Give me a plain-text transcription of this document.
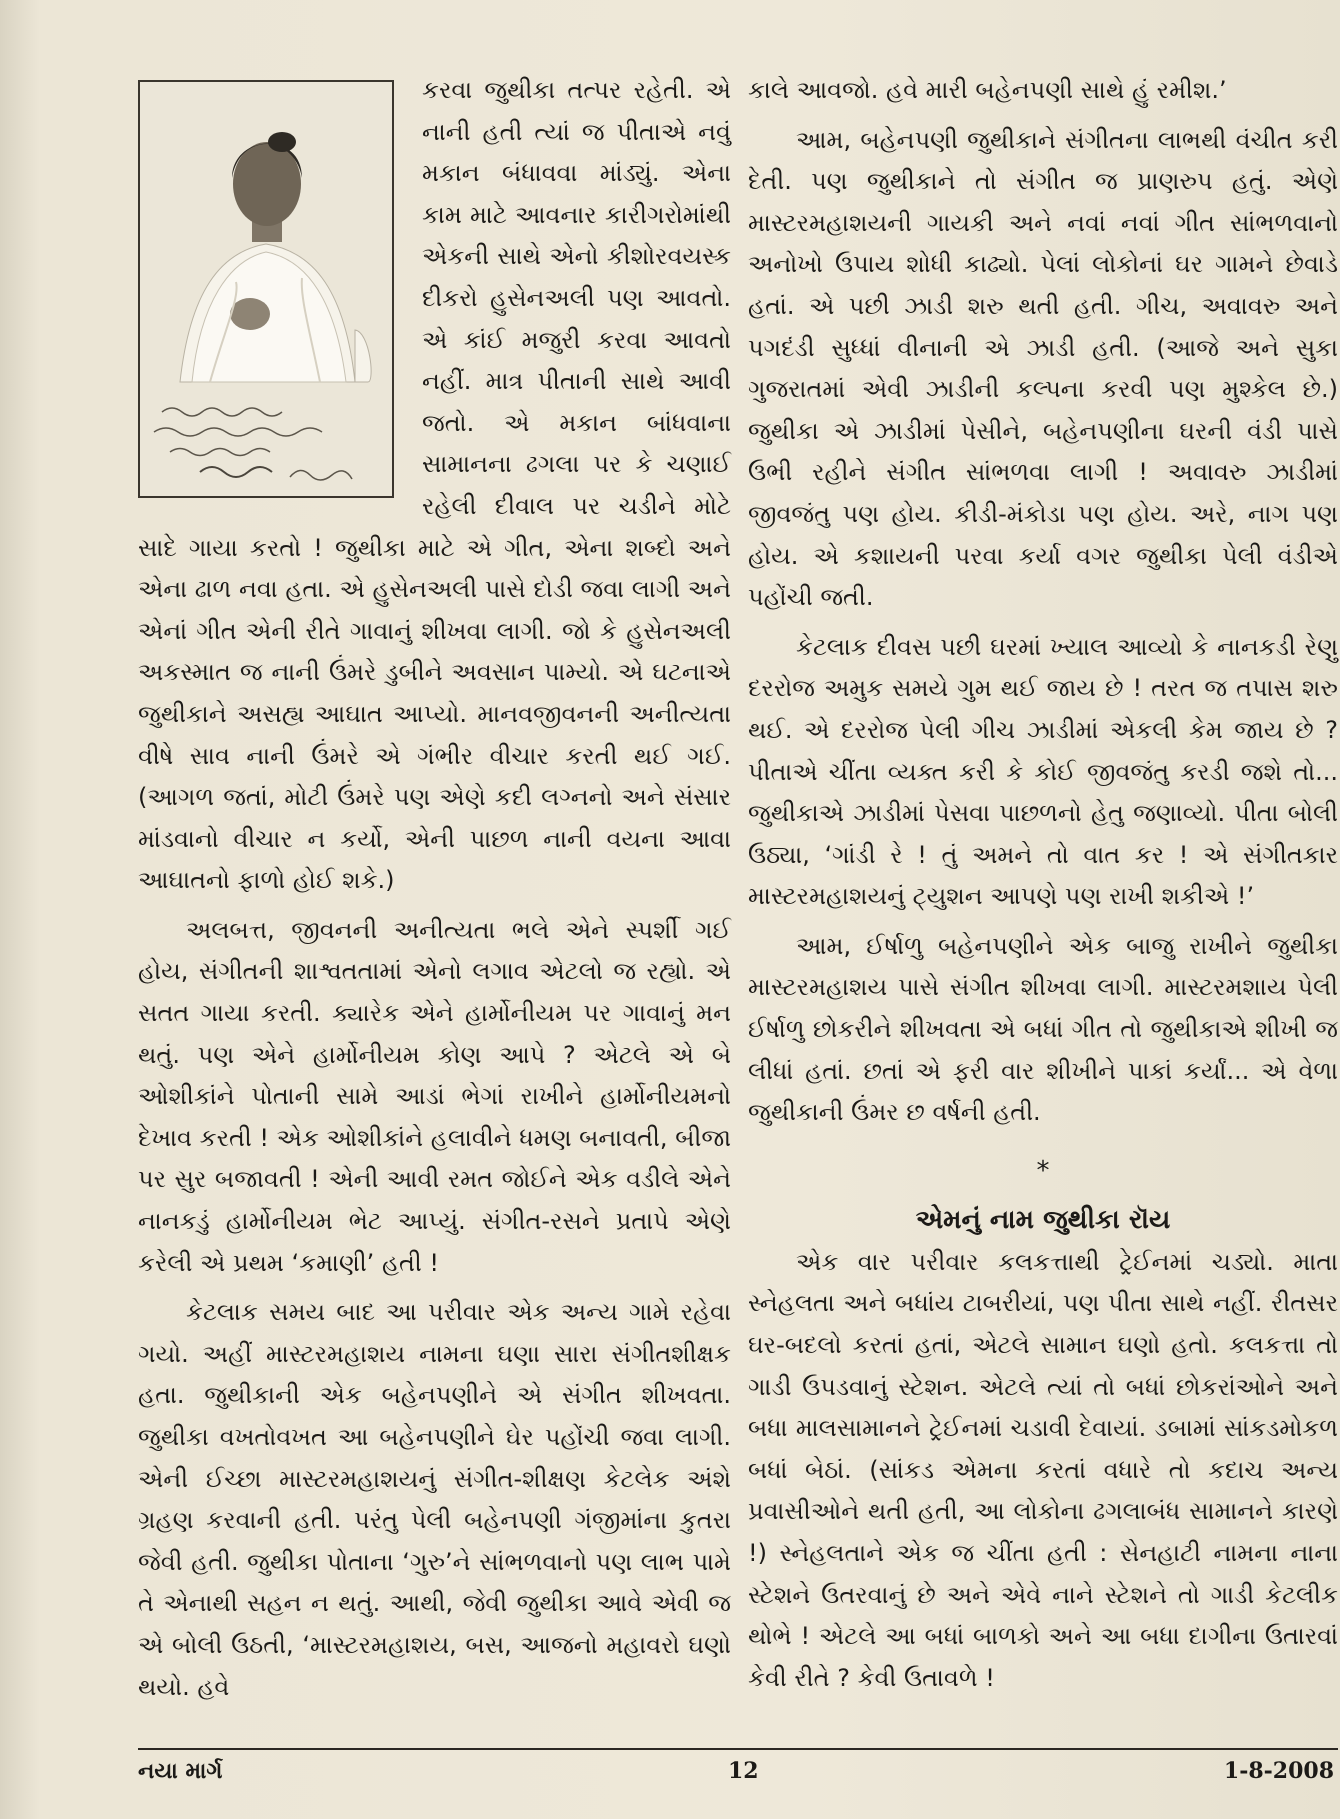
કરવા જુથીકા તત્પર રહેતી. એ નાની હતી ત્યાં જ પીતાએ નવું મકાન બંધાવવા માંડ્યું. એના કામ માટે આવનાર કારીગરોમાંથી એકની સાથે એનો કીશોરવયસ્ક દીકરો હુસેનઅલી પણ આવતો. એ કાંઈ મજુરી કરવા આવતો નહીં. માત્ર પીતાની સાથે આવી જતો. એ મકાન બાંધવાના સામાનના ઢગલા પર કે ચણાઈ રહેલી દીવાલ પર ચડીને મોટે સાદે ગાયા કરતો ! જુથીકા માટે એ ગીત, એના શબ્દો અને એના ઢાળ નવા હતા. એ હુસેનઅલી પાસે દોડી જવા લાગી અને એનાં ગીત એની રીતે ગાવાનું શીખવા લાગી. જો કે હુસેનઅલી અકસ્માત જ નાની ઉંમરે ડુબીને અવસાન પામ્યો. એ ઘટનાએ જુથીકાને અસહ્ય આઘાત આપ્યો. માનવજીવનની અનીત્યતા વીષે સાવ નાની ઉંમરે એ ગંભીર વીચાર કરતી થઈ ગઈ. (આગળ જતાં, મોટી ઉંમરે પણ એણે કદી લગ્નનો અને સંસાર માંડવાનો વીચાર ન કર્યો, એની પાછળ નાની વયના આવા આઘાતનો ફાળો હોઈ શકે.)

અલબત્ત, જીવનની અનીત્યતા ભલે એને સ્પર્શી ગઈ હોય, સંગીતની શાશ્વતતામાં એનો લગાવ એટલો જ રહ્યો. એ સતત ગાયા કરતી. ક્યારેક એને હાર્મોનીયમ પર ગાવાનું મન થતું. પણ એને હાર્મોનીયમ કોણ આપે ? એટલે એ બે ઓશીકાંને પોતાની સામે આડાં ભેગાં રાખીને હાર્મોનીયમનો દેખાવ કરતી ! એક ઓશીકાંને હલાવીને ધમણ બનાવતી, બીજા પર સુર બજાવતી ! એની આવી રમત જોઈને એક વડીલે એને નાનકડું હાર્મોનીયમ ભેટ આપ્યું. સંગીત-રસને પ્રતાપે એણે કરેલી એ પ્રથમ ‘કમાણી’ હતી !

કેટલાક સમય બાદ આ પરીવાર એક અન્ય ગામે રહેવા ગયો. અહીં માસ્ટરમહાશય નામના ઘણા સારા સંગીતશીક્ષક હતા. જુથીકાની એક બહેનપણીને એ સંગીત શીખવતા. જુથીકા વખતોવખત આ બહેનપણીને ઘેર પહોંચી જવા લાગી. એની ઈચ્છા માસ્ટરમહાશયનું સંગીત-શીક્ષણ કેટલેક અંશે ગ્રહણ કરવાની હતી. પરંતુ પેલી બહેનપણી ગંજીમાંના કુતરા જેવી હતી. જુથીકા પોતાના ‘ગુરુ’ને સાંભળવાનો પણ લાભ પામે તે એનાથી સહન ન થતું. આથી, જેવી જુથીકા આવે એવી જ એ બોલી ઉઠતી, ‘માસ્ટરમહાશય, બસ, આજનો મહાવરો ઘણો થયો. હવે

કાલે આવજો. હવે મારી બહેનપણી સાથે હું રમીશ.’

આમ, બહેનપણી જુથીકાને સંગીતના લાભથી વંચીત કરી દેતી. પણ જુથીકાને તો સંગીત જ પ્રાણરુપ હતું. એણે માસ્ટરમહાશયની ગાયકી અને નવાં નવાં ગીત સાંભળવાનો અનોખો ઉપાય શોધી કાઢ્યો. પેલાં લોકોનાં ઘર ગામને છેવાડે હતાં. એ પછી ઝાડી શરુ થતી હતી. ગીચ, અવાવરુ અને પગદંડી સુધ્ધાં વીનાની એ ઝાડી હતી. (આજે અને સુકા ગુજરાતમાં એવી ઝાડીની કલ્પના કરવી પણ મુશ્કેલ છે.) જુથીકા એ ઝાડીમાં પેસીને, બહેનપણીના ઘરની વંડી પાસે ઉભી રહીને સંગીત સાંભળવા લાગી ! અવાવરુ ઝાડીમાં જીવજંતુ પણ હોય. કીડી-મંકોડા પણ હોય. અરે, નાગ પણ હોય. એ કશાયની પરવા કર્યા વગર જુથીકા પેલી વંડીએ પહોંચી જતી.

કેટલાક દીવસ પછી ઘરમાં ખ્યાલ આવ્યો કે નાનકડી રેણુ દરરોજ અમુક સમયે ગુમ થઈ જાય છે ! તરત જ તપાસ શરુ થઈ. એ દરરોજ પેલી ગીચ ઝાડીમાં એકલી કેમ જાય છે ? પીતાએ ચીંતા વ્યક્ત કરી કે કોઈ જીવજંતુ કરડી જશે તો... જુથીકાએ ઝાડીમાં પેસવા પાછળનો હેતુ જણાવ્યો. પીતા બોલી ઉઠ્યા, ‘ગાંડી રે ! તું અમને તો વાત કર ! એ સંગીતકાર માસ્ટરમહાશયનું ટ્યુશન આપણે પણ રાખી શકીએ !’

આમ, ઈર્ષાળુ બહેનપણીને એક બાજુ રાખીને જુથીકા માસ્ટરમહાશય પાસે સંગીત શીખવા લાગી. માસ્ટરમશાય પેલી ઈર્ષાળુ છોકરીને શીખવતા એ બધાં ગીત તો જુથીકાએ શીખી જ લીધાં હતાં. છતાં એ ફરી વાર શીખીને પાકાં કર્યાં... એ વેળા જુથીકાની ઉંમર છ વર્ષની હતી.

*
એમનું નામ જુથીકા રૉય

એક વાર પરીવાર કલકત્તાથી ટ્રેઈનમાં ચડ્યો. માતા સ્નેહલતા અને બધાંય ટાબરીયાં, પણ પીતા સાથે નહીં. રીતસર ઘર-બદલો કરતાં હતાં, એટલે સામાન ઘણો હતો. કલકત્તા તો ગાડી ઉપડવાનું સ્ટેશન. એટલે ત્યાં તો બધાં છોકરાંઓને અને બધા માલસામાનને ટ્રેઈનમાં ચડાવી દેવાયાં. ડબામાં સાંકડમોકળ બધાં બેઠાં. (સાંકડ એમના કરતાં વધારે તો કદાચ અન્ય પ્રવાસીઓને થતી હતી, આ લોકોના ઢગલાબંધ સામાનને કારણે !) સ્નેહલતાને એક જ ચીંતા હતી : સેનહાટી નામના નાના સ્ટેશને ઉતરવાનું છે અને એવે નાને સ્ટેશને તો ગાડી કેટલીક થોભે ! એટલે આ બધાં બાળકો અને આ બધા દાગીના ઉતારવાં કેવી રીતે ? કેવી ઉતાવળે !

નયા માર્ગ	12	1-8-2008
